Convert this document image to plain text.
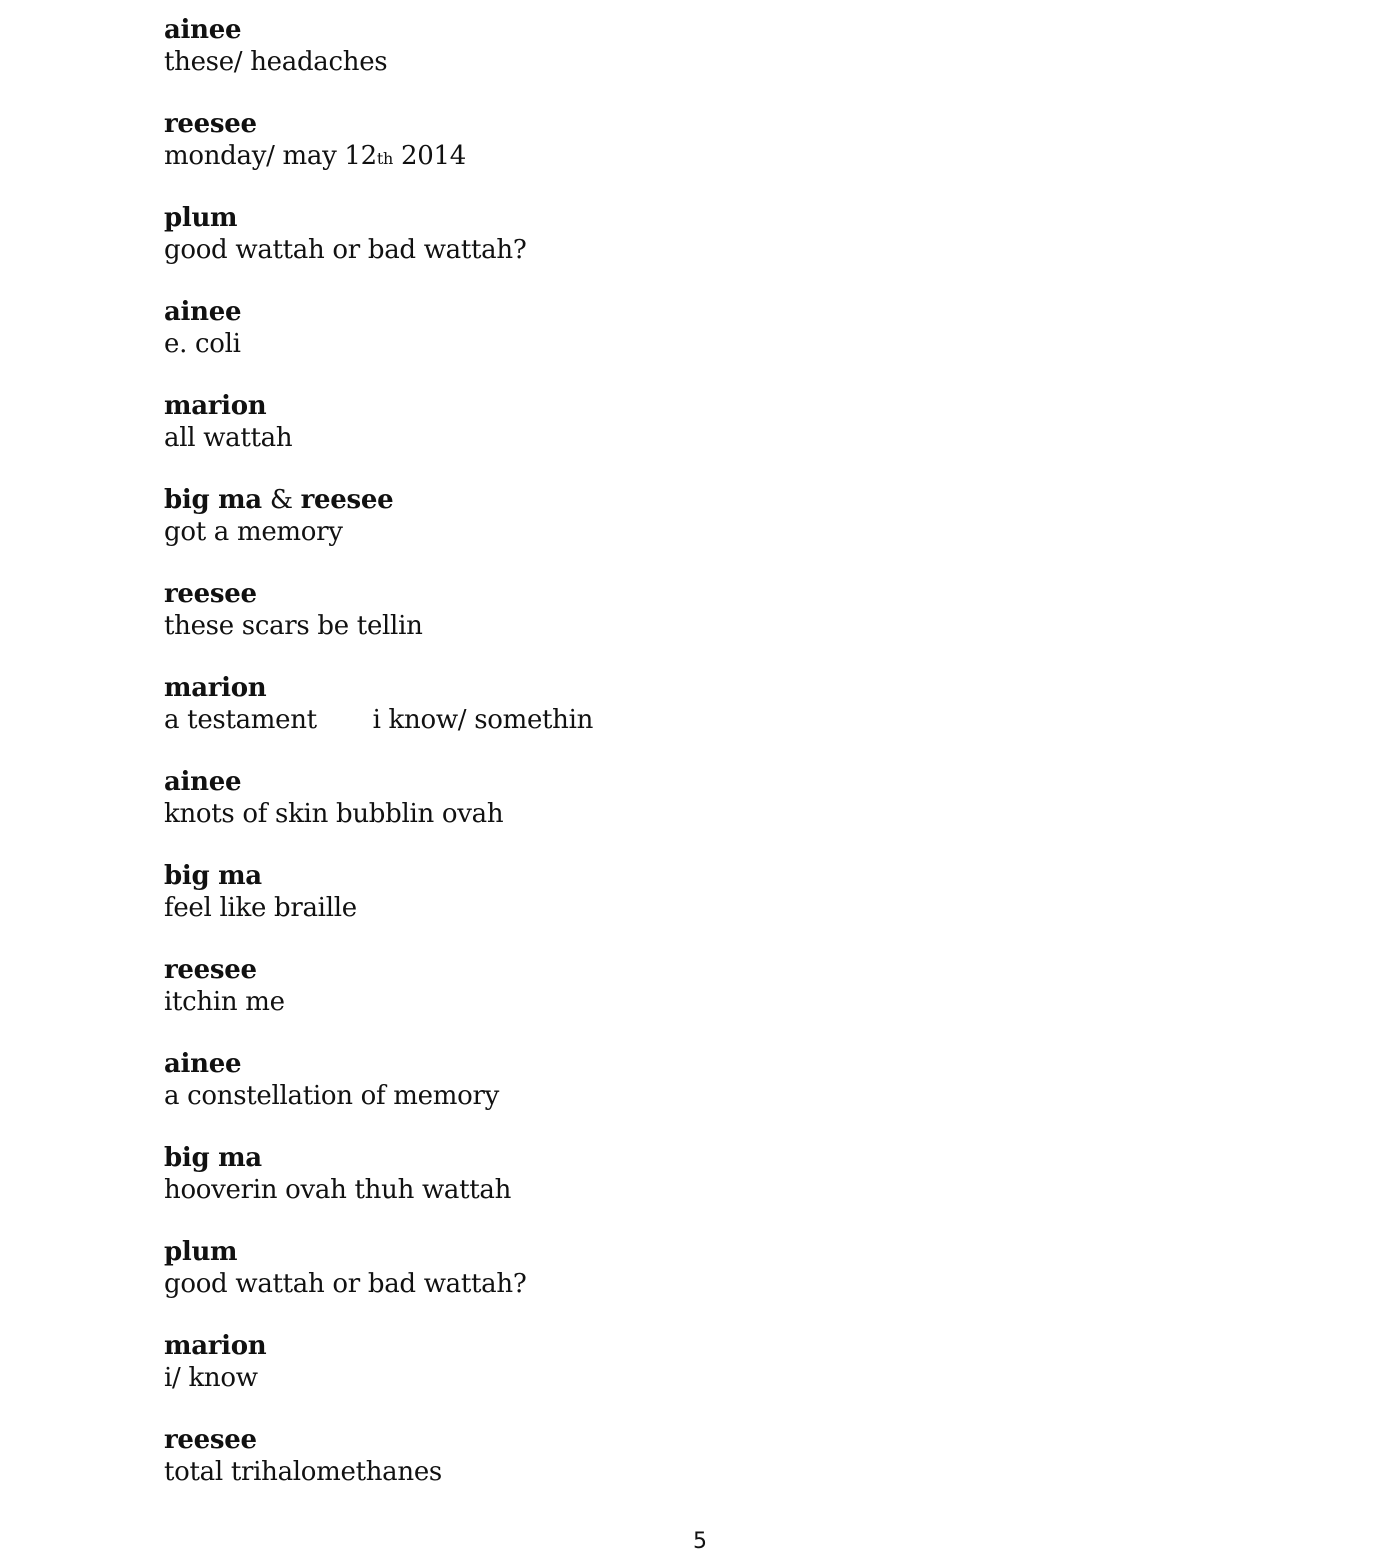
ainee
these/ headaches
reesee
monday/ may 12th 2014
plum
good wattah or bad wattah?
ainee
e. coli
marion
all wattah
big ma & reesee
got a memory
reesee
these scars be tellin
marion
a testament       i know/ somethin
ainee
knots of skin bubblin ovah
big ma
feel like braille
reesee
itchin me
ainee
a constellation of memory
big ma
hooverin ovah thuh wattah
plum
good wattah or bad wattah?
marion
i/ know
reesee
total trihalomethanes
5
